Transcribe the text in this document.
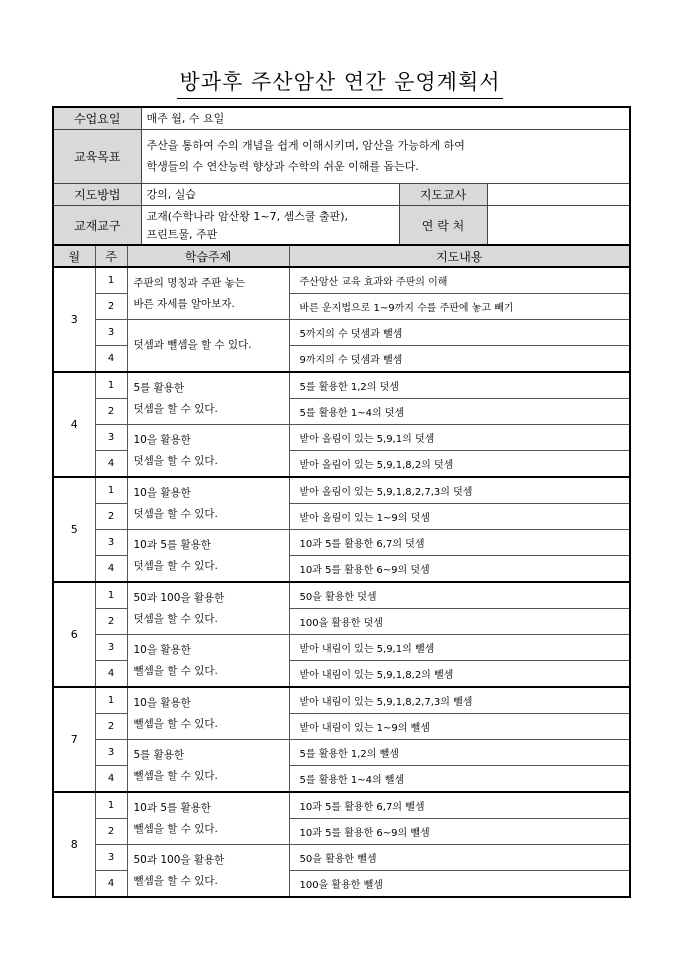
방과후 주산암산 연간 운영계획서
수업요일	매주 월, 수 요일		
교육목표	주산을 통하여 수의 개념을 쉽게 이해시키며, 암산을 가능하게 하여
학생들의 수 연산능력 향상과 수학의 쉬운 이해를 돕는다.		

지도방법	강의, 실습	지도교사	
교재교구	교재(수학나라 암산왕 1~7, 셈스쿨 출판),
프린트물, 주판	연 락 처	
월	주	학습주제	지도내용
3	1	주판의 명칭과 주판 놓는
바른 자세를 알아보자.	주산암산 교육 효과와 주판의 이해
	2		바른 운지법으로 1~9까지 수를 주판에 놓고 빼기
	3	덧셈과 뺄셈을 할 수 있다.	5까지의 수 덧셈과 뺄셈
	4		9까지의 수 덧셈과 뺄셈
4	1	5를 활용한
덧셈을 할 수 있다.	5를 활용한 1,2의 덧셈
	2		5를 활용한 1~4의 덧셈
	3	10을 활용한
덧셈을 할 수 있다.	받아 올림이 있는 5,9,1의 덧셈
	4		받아 올림이 있는 5,9,1,8,2의 덧셈
5	1	10을 활용한
덧셈을 할 수 있다.	받아 올림이 있는 5,9,1,8,2,7,3의 덧셈
	2		받아 올림이 있는 1~9의 덧셈
	3	10과 5를 활용한
덧셈을 할 수 있다.	10과 5를 활용한 6,7의 덧셈
	4		10과 5를 활용한 6~9의 덧셈
6	1	50과 100을 활용한
덧셈을 할 수 있다.	50을 활용한 덧셈
	2		100을 활용한 덧셈
	3	10을 활용한
뺄셈을 할 수 있다.	받아 내림이 있는 5,9,1의 뺄셈
	4		받아 내림이 있는 5,9,1,8,2의 뺄셈
7	1	10을 활용한
뺄셈을 할 수 있다.	받아 내림이 있는 5,9,1,8,2,7,3의 뺄셈
	2		받아 내림이 있는 1~9의 뺄셈
	3	5를 활용한
뺄셈을 할 수 있다.	5를 활용한 1,2의 뺄셈
	4		5를 활용한 1~4의 뺄셈
8	1	10과 5를 활용한
뺄셈을 할 수 있다.	10과 5를 활용한 6,7의 뺄셈
	2		10과 5를 활용한 6~9의 뺄셈
	3	50과 100을 활용한
뺄셈을 할 수 있다.	50을 활용한 뺄셈
	4		100을 활용한 뺄셈
